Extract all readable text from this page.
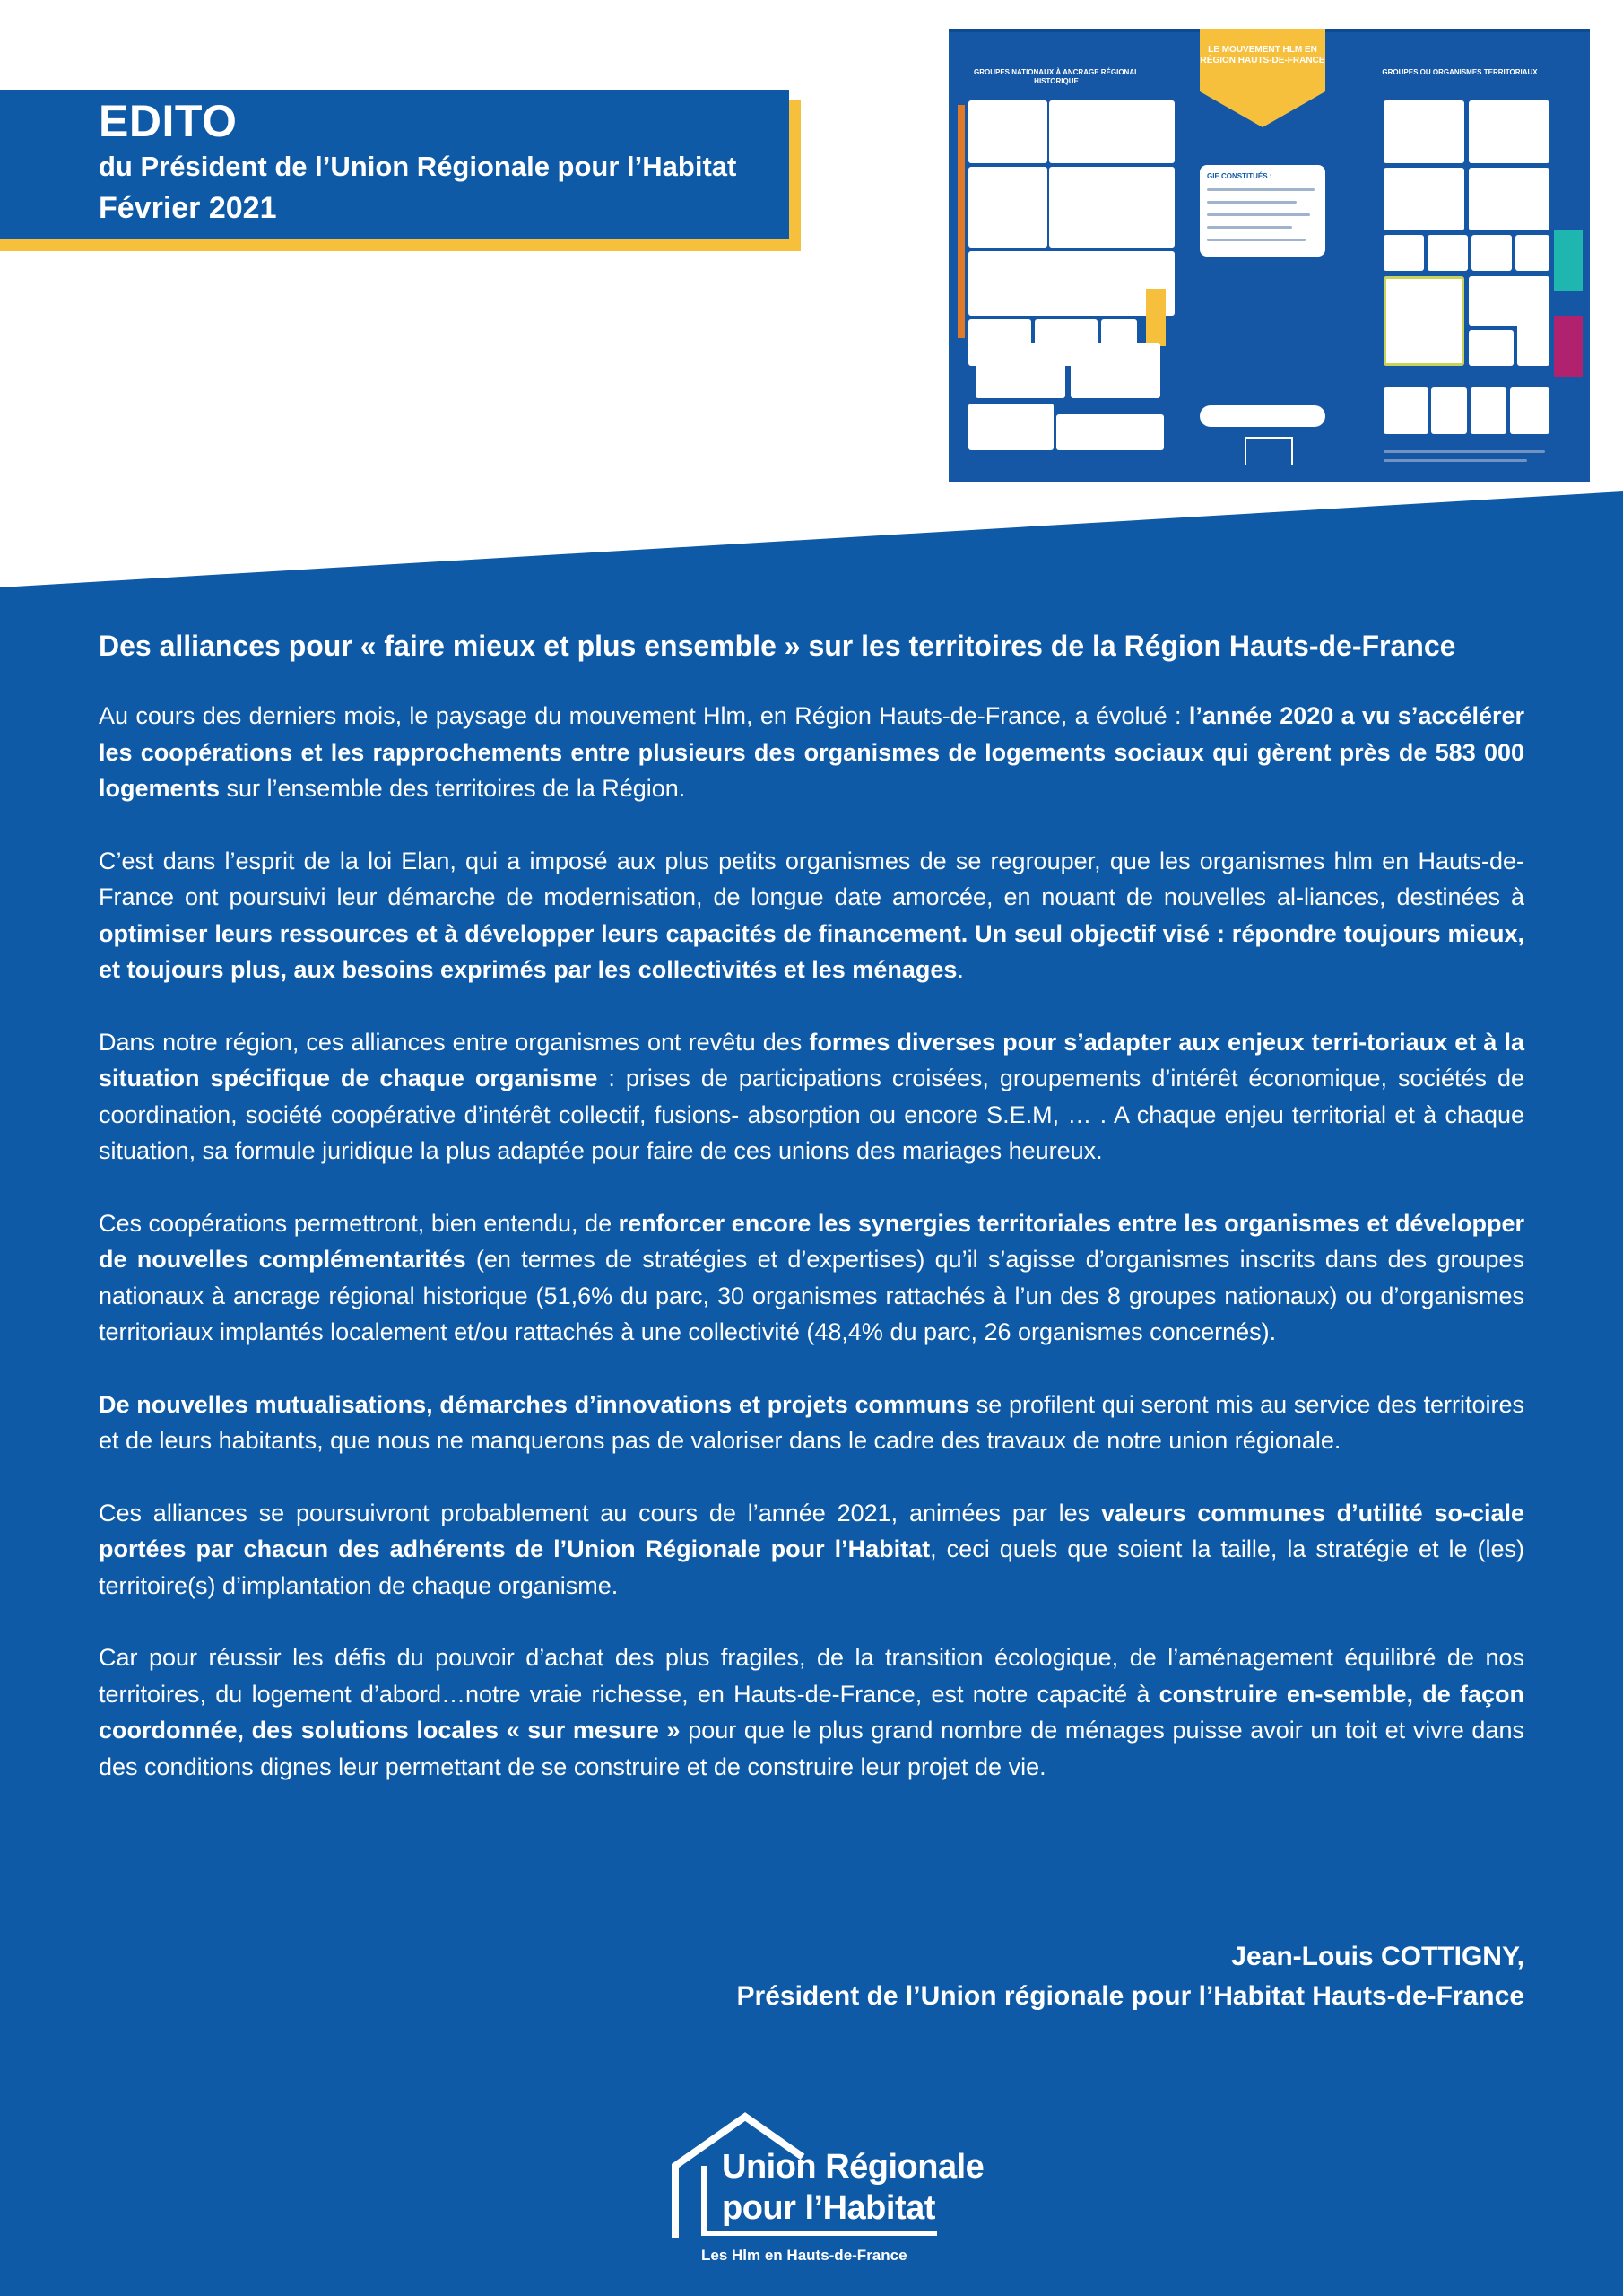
EDITO
du Président de l’Union Régionale pour l’Habitat
Février 2021
LE MOUVEMENT HLM EN RÉGION HAUTS-DE-FRANCE
GROUPES NATIONAUX À ANCRAGE RÉGIONAL HISTORIQUE
GROUPES OU ORGANISMES TERRITORIAUX
GIE CONSTITUÉS :
Des alliances pour « faire mieux et plus ensemble » sur les territoires de la Région Hauts-de-France

Au cours des derniers mois, le paysage du mouvement Hlm, en Région Hauts-de-France, a évolué : l’année 2020 a vu s’accélérer les coopérations et les rapprochements entre plusieurs des organismes de logements sociaux qui gèrent près de 583 000 logements sur l’ensemble des territoires de la Région.

C’est dans l’esprit de la loi Elan, qui a imposé aux plus petits organismes de se regrouper, que les organismes hlm en Hauts-de-France ont poursuivi leur démarche de modernisation, de longue date amorcée, en nouant de nouvelles al-liances, destinées à optimiser leurs ressources et à développer leurs capacités de financement. Un seul objectif visé : répondre toujours mieux, et toujours plus, aux besoins exprimés par les collectivités et les ménages.

Dans notre région, ces alliances entre organismes ont revêtu des formes diverses pour s’adapter aux enjeux terri-toriaux et à la situation spécifique de chaque organisme : prises de participations croisées, groupements d’intérêt économique, sociétés de coordination, société coopérative d’intérêt collectif, fusions- absorption ou encore S.E.M, … . A chaque enjeu territorial et à chaque situation, sa formule juridique la plus adaptée pour faire de ces unions des mariages heureux.

Ces coopérations permettront, bien entendu, de renforcer encore les synergies territoriales entre les organismes et développer de nouvelles complémentarités (en termes de stratégies et d’expertises) qu’il s’agisse d’organismes inscrits dans des groupes nationaux à ancrage régional historique (51,6% du parc, 30 organismes rattachés à l’un des 8 groupes nationaux) ou d’organismes territoriaux implantés localement et/ou rattachés à une collectivité (48,4% du parc, 26 organismes concernés).

De nouvelles mutualisations, démarches d’innovations et projets communs se profilent qui seront mis au service des territoires et de leurs habitants, que nous ne manquerons pas de valoriser dans le cadre des travaux de notre union régionale.

Ces alliances se poursuivront probablement au cours de l’année 2021, animées par les valeurs communes d’utilité so-ciale portées par chacun des adhérents de l’Union Régionale pour l’Habitat, ceci quels que soient la taille, la stratégie et le (les) territoire(s) d’implantation de chaque organisme.

Car pour réussir les défis du pouvoir d’achat des plus fragiles, de la transition écologique, de l’aménagement équilibré de nos territoires, du logement d’abord…notre vraie richesse, en Hauts-de-France, est notre capacité à construire en-semble, de façon coordonnée, des solutions locales « sur mesure » pour que le plus grand nombre de ménages puisse avoir un toit et vivre dans des conditions dignes leur permettant de se construire et de construire leur projet de vie.

Jean-Louis COTTIGNY,
Président de l’Union régionale pour l’Habitat Hauts-de-France
Union Régionale
pour l’Habitat
Les Hlm en Hauts-de-France
